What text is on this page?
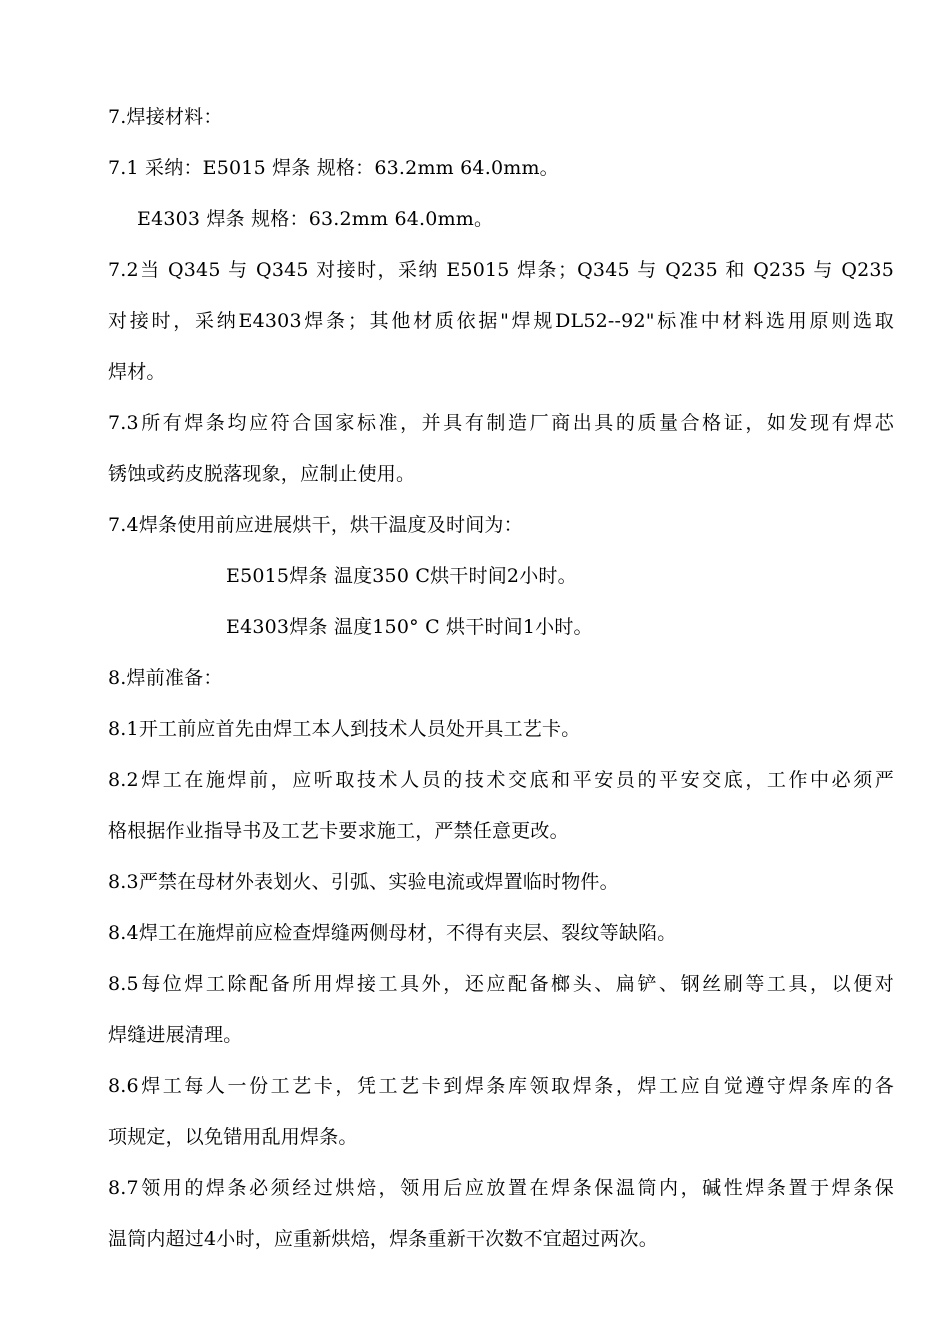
7.焊接材料：
7.1 采纳：E5015 焊条 规格：63.2mm 64.0mm。
E4303 焊条 规格：63.2mm 64.0mm。
7.2当 Q345 与 Q345 对接时，采纳 E5015 焊条；Q345 与 Q235 和 Q235 与 Q235
对接时，采纳E4303焊条；其他材质依据"焊规DL52--92"标准中材料选用原则选取
焊材。
7.3所有焊条均应符合国家标准，并具有制造厂商出具的质量合格证，如发现有焊芯
锈蚀或药皮脱落现象，应制止使用。
7.4焊条使用前应进展烘干，烘干温度及时间为：
E5015焊条 温度350 C烘干时间2小时。
E4303焊条 温度150° C 烘干时间1小时。
8.焊前准备：
8.1开工前应首先由焊工本人到技术人员处开具工艺卡。
8.2焊工在施焊前，应听取技术人员的技术交底和平安员的平安交底，工作中必须严
格根据作业指导书及工艺卡要求施工，严禁任意更改。
8.3严禁在母材外表划火、引弧、实验电流或焊置临时物件。
8.4焊工在施焊前应检查焊缝两侧母材，不得有夹层、裂纹等缺陷。
8.5每位焊工除配备所用焊接工具外，还应配备榔头、扁铲、钢丝刷等工具，以便对
焊缝进展清理。
8.6焊工每人一份工艺卡，凭工艺卡到焊条库领取焊条，焊工应自觉遵守焊条库的各
项规定，以免错用乱用焊条。
8.7领用的焊条必须经过烘焙，领用后应放置在焊条保温筒内，碱性焊条置于焊条保
温筒内超过4小时，应重新烘焙，焊条重新干次数不宜超过两次。
